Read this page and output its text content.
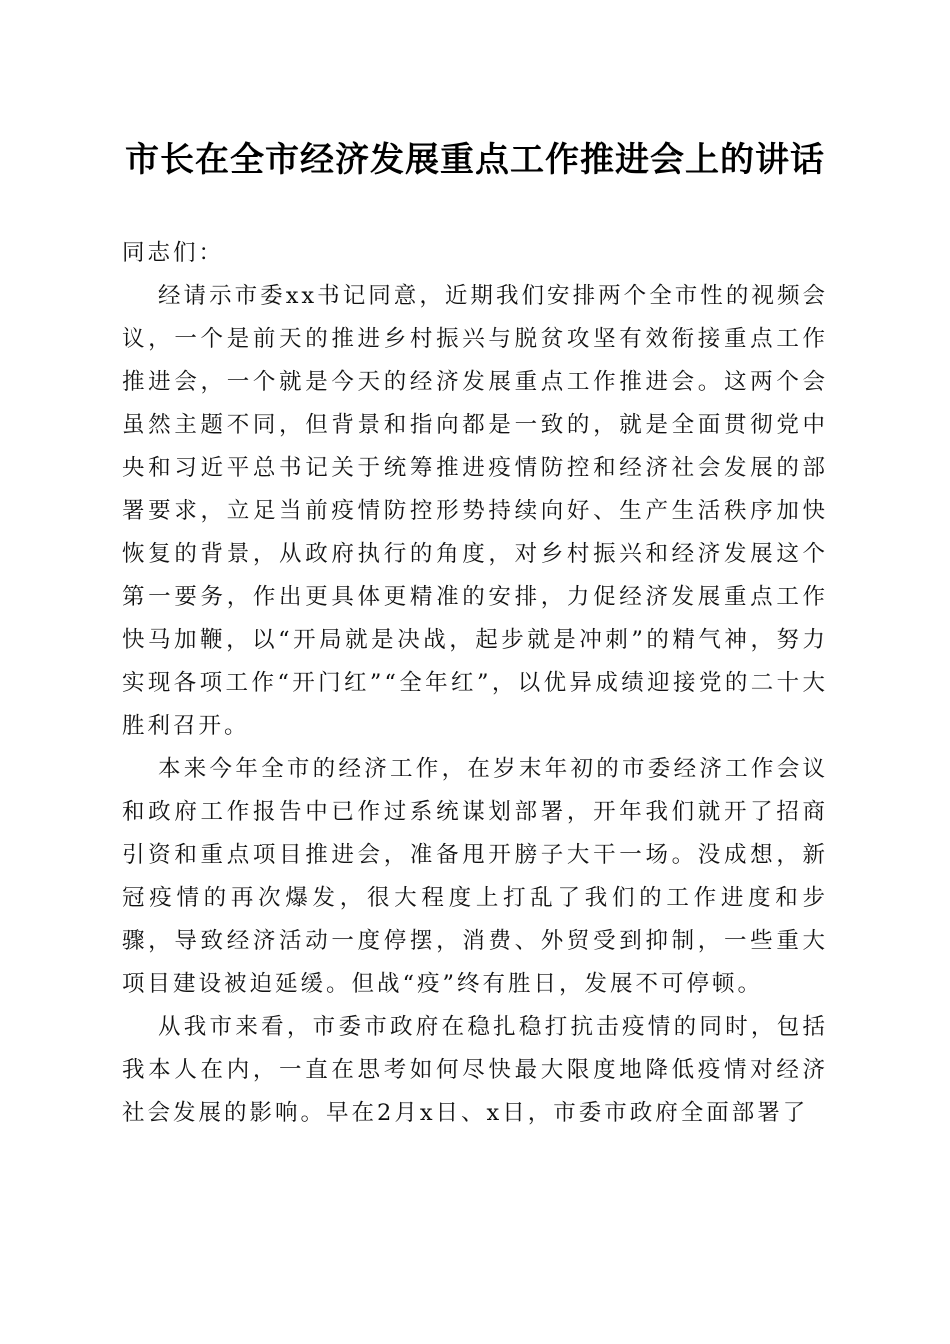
市长在全市经济发展重点工作推进会上的讲话

同志们：

经请示市委xx书记同意，近期我们安排两个全市性的视频会议，一个是前天的推进乡村振兴与脱贫攻坚有效衔接重点工作推进会，一个就是今天的经济发展重点工作推进会。这两个会虽然主题不同，但背景和指向都是一致的，就是全面贯彻党中央和习近平总书记关于统筹推进疫情防控和经济社会发展的部署要求，立足当前疫情防控形势持续向好、生产生活秩序加快恢复的背景，从政府执行的角度，对乡村振兴和经济发展这个第一要务，作出更具体更精准的安排，力促经济发展重点工作快马加鞭，以“开局就是决战，起步就是冲刺”的精气神，努力实现各项工作“开门红”“全年红”，以优异成绩迎接党的二十大胜利召开。

本来今年全市的经济工作，在岁末年初的市委经济工作会议和政府工作报告中已作过系统谋划部署，开年我们就开了招商引资和重点项目推进会，准备甩开膀子大干一场。没成想，新冠疫情的再次爆发，很大程度上打乱了我们的工作进度和步骤，导致经济活动一度停摆，消费、外贸受到抑制，一些重大项目建设被迫延缓。但战“疫”终有胜日，发展不可停顿。

从我市来看，市委市政府在稳扎稳打抗击疫情的同时，包括我本人在内，一直在思考如何尽快最大限度地降低疫情对经济社会发展的影响。早在2月x日、x日，市委市政府全面部署了
